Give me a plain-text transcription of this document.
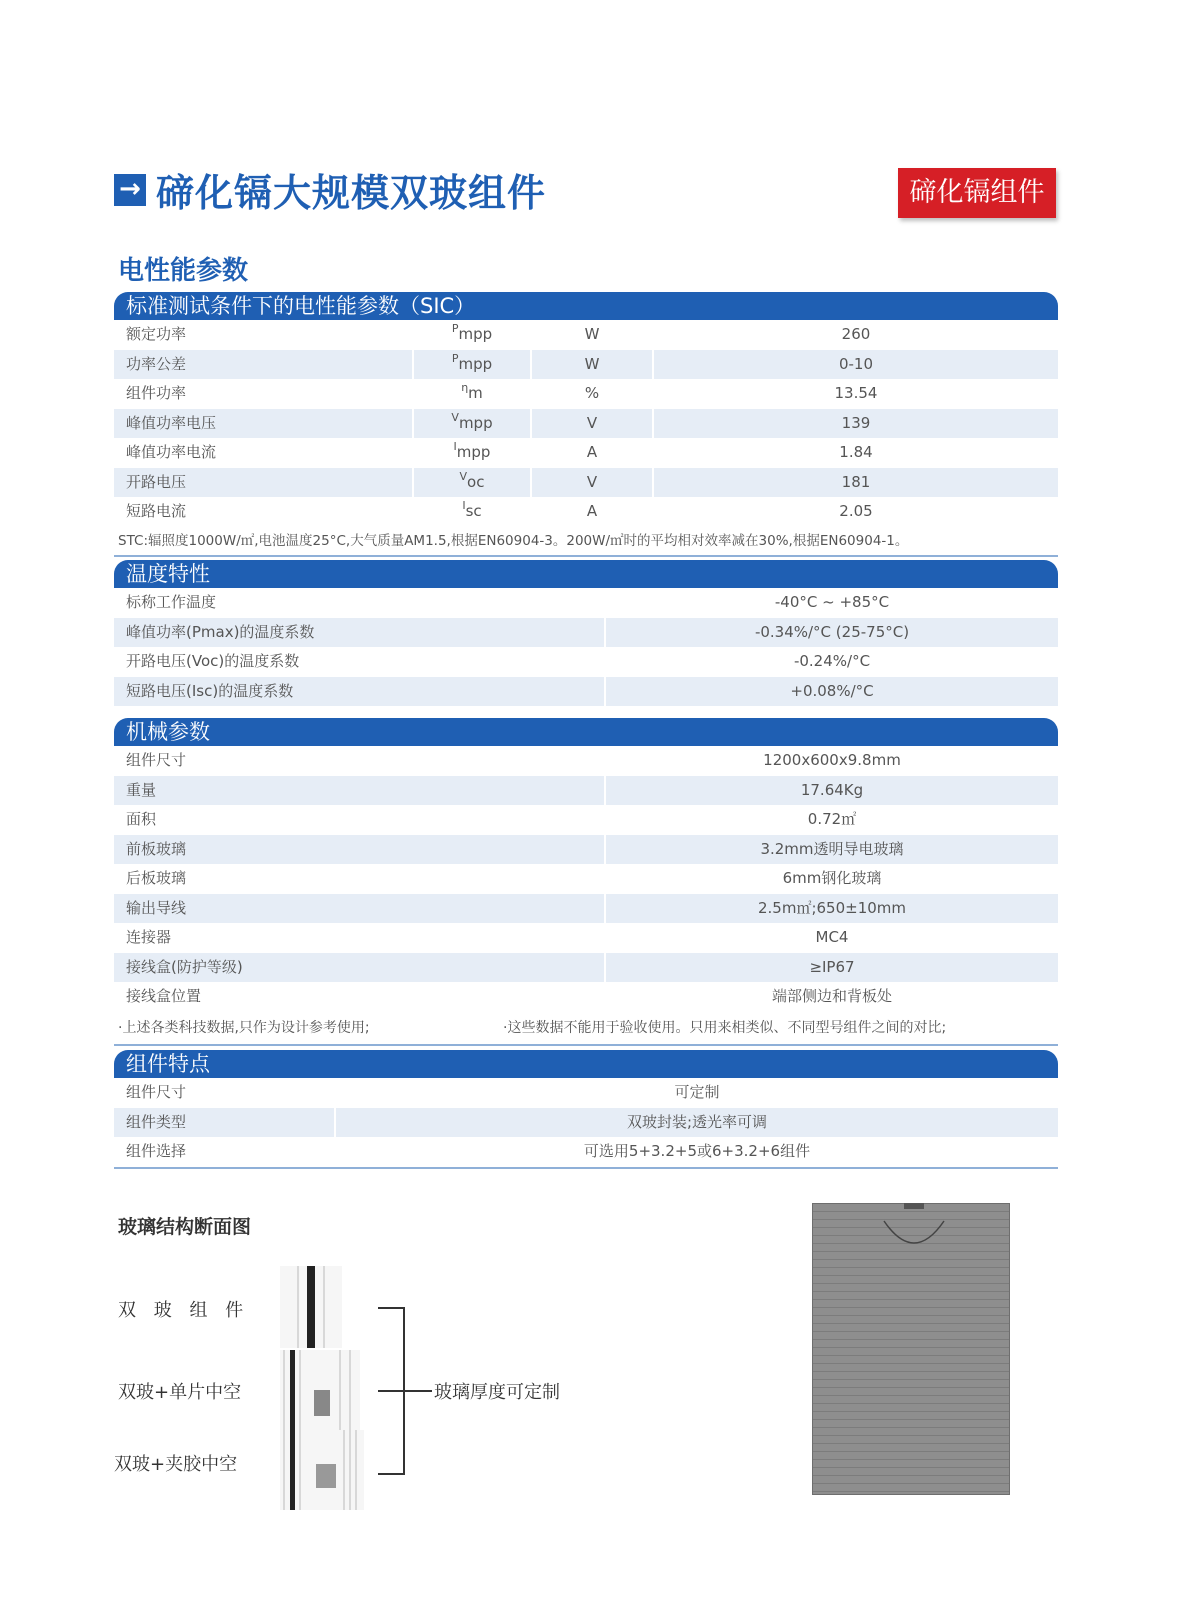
→ 碲化镉大规模双玻组件	碲化镉组件
电性能参数
标准测试条件下的电性能参数（SIC）
额定功率	$^P$mpp	W	260
功率公差	$^P$mpp	W	0-10
组件功率	$^\eta$m	%	13.54
峰值功率电压	$^V$mpp	V	139
峰值功率电流	$^I$mpp	A	1.84
开路电压	$^V$oc	V	181
短路电流	$^I$sc	A	2.05
STC:辐照度1000W/㎡,电池温度25°C,大气质量AM1.5,根据EN60904-3。200W/㎡时的平均相对效率减在30%,根据EN60904-1。
温度特性
标称工作温度	-40°C ~ +85°C
峰值功率(Pmax)的温度系数	-0.34%/°C (25-75°C)
开路电压(Voc)的温度系数	-0.24%/°C
短路电压(Isc)的温度系数	+0.08%/°C
机械参数
组件尺寸	1200x600x9.8mm
重量	17.64Kg
面积	0.72㎡
前板玻璃	3.2mm透明导电玻璃
后板玻璃	6mm钢化玻璃
输出导线	2.5m㎡;650±10mm
连接器	MC4
接线盒(防护等级)	≥IP67
接线盒位置	端部侧边和背板处
·上述各类科技数据,只作为设计参考使用;	·这些数据不能用于验收使用。只用来相类似、不同型号组件之间的对比;
组件特点
组件尺寸	可定制
组件类型	双玻封装;透光率可调
组件选择	可选用5+3.2+5或6+3.2+6组件
玻璃结构断面图
双 玻 组 件
双玻+单片中空
双玻+夹胶中空
玻璃厚度可定制
